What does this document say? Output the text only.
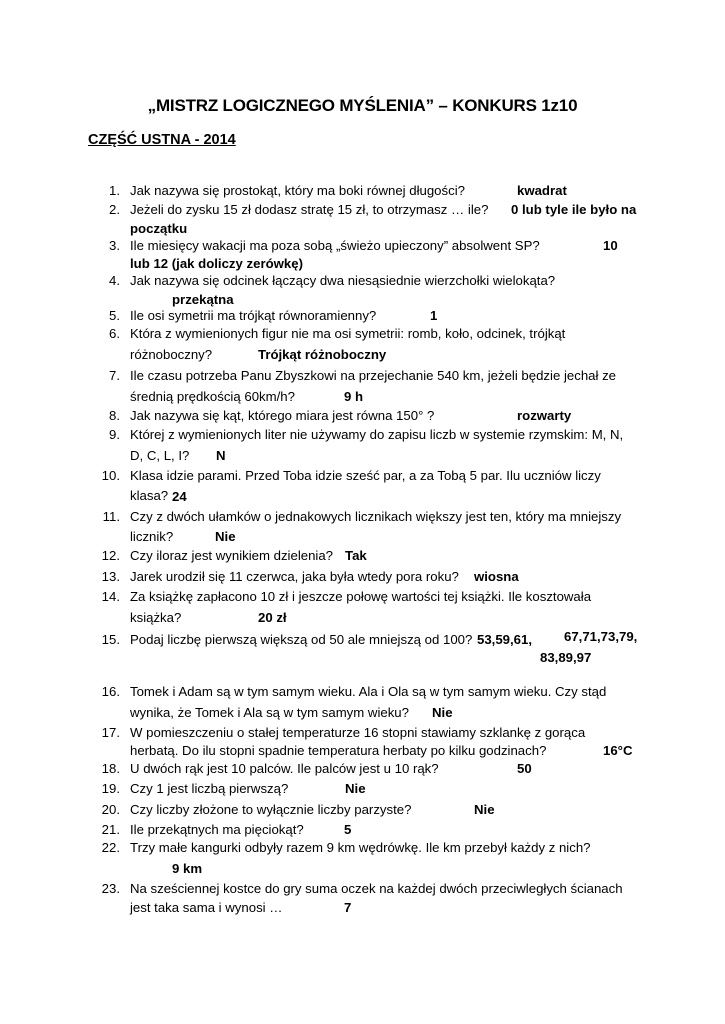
„MISTRZ LOGICZNEGO MYŚLENIA” – KONKURS 1z10
CZĘŚĆ USTNA - 2014
1. Jak nazywa się prostokąt, który ma boki równej długości?	kwadrat
2. Jeżeli do zysku 15 zł dodasz stratę 15 zł, to otrzymasz … ile?	0 lub tyle ile było na
początku
3. Ile miesięcy wakacji ma poza sobą „świeżo upieczony” absolwent SP?	10
lub 12 (jak doliczy zerówkę)
4. Jak nazywa się odcinek łączący dwa niesąsiednie wierzchołki wielokąta?
przekątna
5. Ile osi symetrii ma trójkąt równoramienny?	1
6. Która z wymienionych figur nie ma osi symetrii: romb, koło, odcinek, trójkąt
różnoboczny?	Trójkąt różnoboczny
7. Ile czasu potrzeba Panu Zbyszkowi na przejechanie 540 km, jeżeli będzie jechał ze
średnią prędkością 60km/h?	9 h
8. Jak nazywa się kąt, którego miara jest równa 150° ?	rozwarty
9. Której z wymienionych liter nie używamy do zapisu liczb w systemie rzymskim: M, N,
D, C, L, I?	N
10. Klasa idzie parami. Przed Toba idzie sześć par, a za Tobą 5 par. Ilu uczniów liczy klasa? 24
11. Czy z dwóch ułamków o jednakowych licznikach większy jest ten, który ma mniejszy
licznik?	Nie
12. Czy iloraz jest wynikiem dzielenia? Tak
13. Jarek urodził się 11 czerwca, jaka była wtedy pora roku?	wiosna
14. Za książkę zapłacono 10 zł i jeszcze połowę wartości tej książki. Ile kosztowała
książka?	20 zł
15. Podaj liczbę pierwszą większą od 50 ale mniejszą od 100? 53,59,61, 67,71,73,79,
83,89,97
16. Tomek i Adam są w tym samym wieku. Ala i Ola są w tym samym wieku. Czy stąd
wynika, że Tomek i Ala są w tym samym wieku?	Nie
17. W pomieszczeniu o stałej temperaturze 16 stopni stawiamy szklankę z gorąca
herbatą. Do ilu stopni spadnie temperatura herbaty po kilku godzinach?	16°C
18. U dwóch rąk jest 10 palców. Ile palców jest u 10 rąk?	50
19. Czy 1 jest liczbą pierwszą?	Nie
20. Czy liczby złożone to wyłącznie liczby parzyste?	Nie
21. Ile przekątnych ma pięciokąt?	5
22. Trzy małe kangurki odbyły razem 9 km wędrówkę. Ile km przebył każdy z nich?
9 km
23. Na sześciennej kostce do gry suma oczek na każdej dwóch przeciwległych ścianach
jest taka sama i wynosi …	7
